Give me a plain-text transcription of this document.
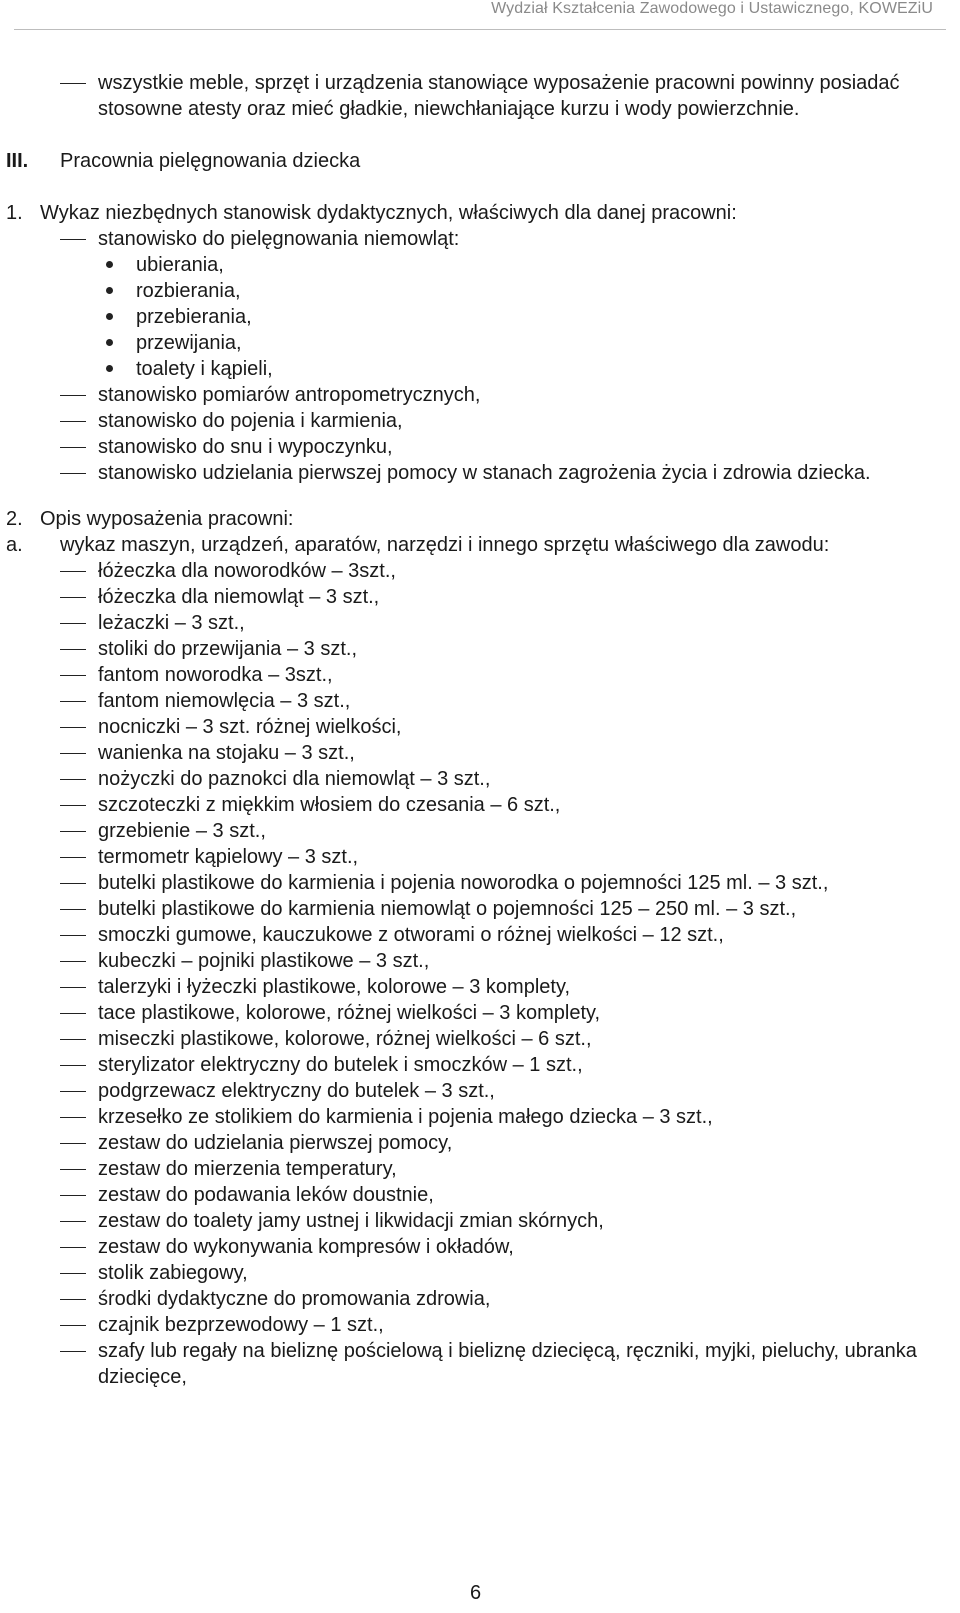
Wydział Kształcenia Zawodowego i Ustawicznego, KOWEZiU
wszystkie meble, sprzęt i urządzenia stanowiące wyposażenie pracowni powinny posiadać stosowne atesty oraz mieć gładkie, niewchłaniające kurzu i wody powierzchnie.
III.	Pracownia pielęgnowania dziecka
1. Wykaz niezbędnych stanowisk dydaktycznych, właściwych dla danej pracowni:
stanowisko do pielęgnowania niemowląt:
ubierania,
rozbierania,
przebierania,
przewijania,
toalety i kąpieli,
stanowisko pomiarów antropometrycznych,
stanowisko do pojenia i karmienia,
stanowisko do snu i wypoczynku,
stanowisko udzielania pierwszej pomocy w stanach zagrożenia życia i zdrowia dziecka.
2. Opis wyposażenia pracowni:
a.	wykaz maszyn, urządzeń, aparatów, narzędzi i innego sprzętu właściwego dla zawodu:
łóżeczka dla noworodków – 3szt.,
łóżeczka dla niemowląt – 3 szt.,
leżaczki – 3 szt.,
stoliki do przewijania – 3 szt.,
fantom noworodka – 3szt.,
fantom niemowlęcia – 3 szt.,
nocniczki – 3 szt. różnej wielkości,
wanienka na stojaku – 3 szt.,
nożyczki do paznokci dla niemowląt – 3 szt.,
szczoteczki z miękkim włosiem do czesania – 6 szt.,
grzebienie – 3 szt.,
termometr kąpielowy – 3 szt.,
butelki plastikowe do karmienia i pojenia noworodka o pojemności 125 ml. – 3 szt.,
butelki plastikowe do karmienia niemowląt o pojemności 125 – 250 ml. – 3 szt.,
smoczki gumowe, kauczukowe z otworami o różnej wielkości – 12 szt.,
kubeczki – pojniki plastikowe – 3 szt.,
talerzyki i łyżeczki plastikowe, kolorowe – 3 komplety,
tace plastikowe, kolorowe, różnej wielkości – 3 komplety,
miseczki plastikowe, kolorowe, różnej wielkości – 6 szt.,
sterylizator elektryczny do butelek i smoczków – 1 szt.,
podgrzewacz elektryczny do butelek – 3 szt.,
krzesełko ze stolikiem do karmienia i pojenia małego dziecka – 3 szt.,
zestaw do udzielania pierwszej pomocy,
zestaw do mierzenia temperatury,
zestaw do podawania leków doustnie,
zestaw do toalety jamy ustnej i likwidacji zmian skórnych,
zestaw do wykonywania kompresów i okładów,
stolik zabiegowy,
środki dydaktyczne do promowania zdrowia,
czajnik bezprzewodowy – 1 szt.,
szafy lub regały na bieliznę pościelową i bieliznę dziecięcą, ręczniki, myjki, pieluchy, ubranka dziecięce,
6
